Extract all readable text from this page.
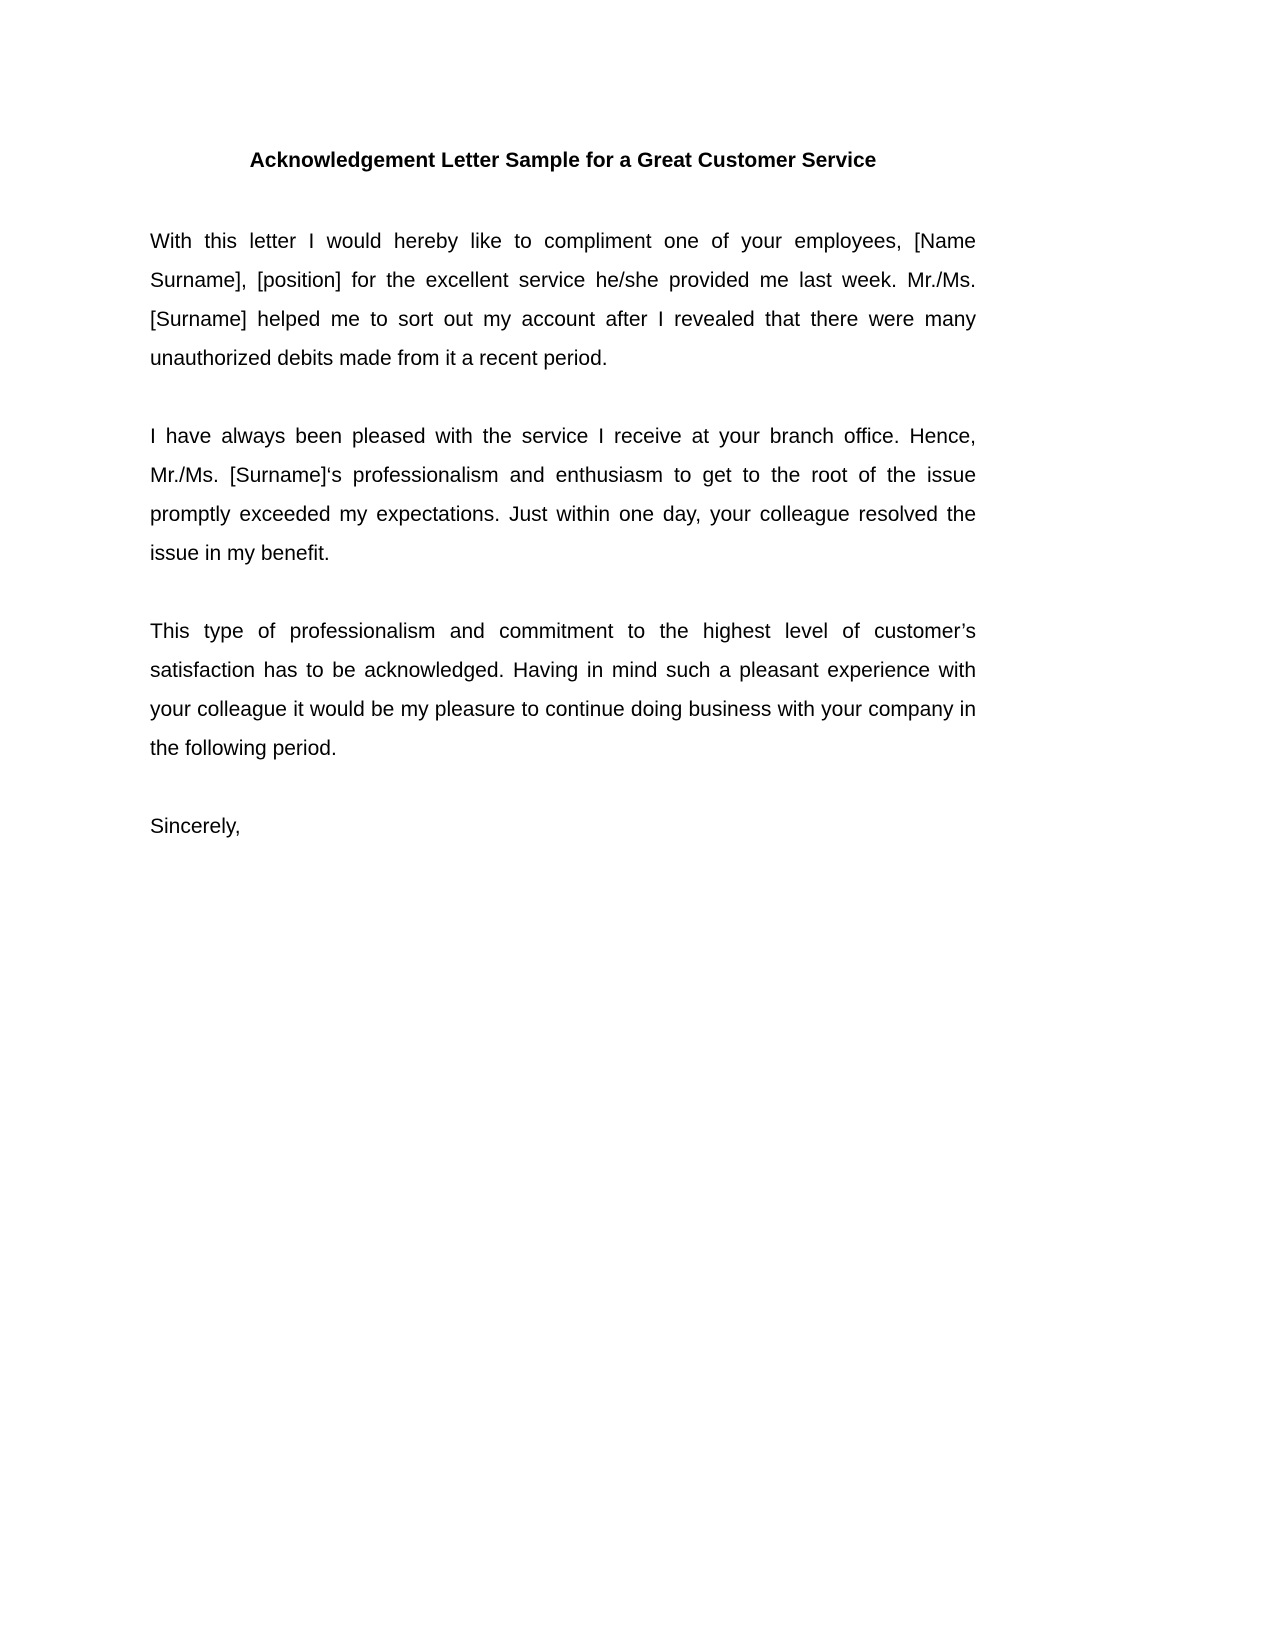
Acknowledgement Letter Sample for a Great Customer Service

With this letter I would hereby like to compliment one of your employees, [Name Surname], [position] for the excellent service he/she provided me last week. Mr./Ms.[Surname] helped me to sort out my account after I revealed that there were many unauthorized debits made from it a recent period.

I have always been pleased with the service I receive at your branch office. Hence, Mr./Ms. [Surname]‘s professionalism and enthusiasm to get to the root of the issue promptly exceeded my expectations. Just within one day, your colleague resolved the issue in my benefit.

This type of professionalism and commitment to the highest level of customer’s satisfaction has to be acknowledged. Having in mind such a pleasant experience with your colleague it would be my pleasure to continue doing business with your company in the following period.

Sincerely,
